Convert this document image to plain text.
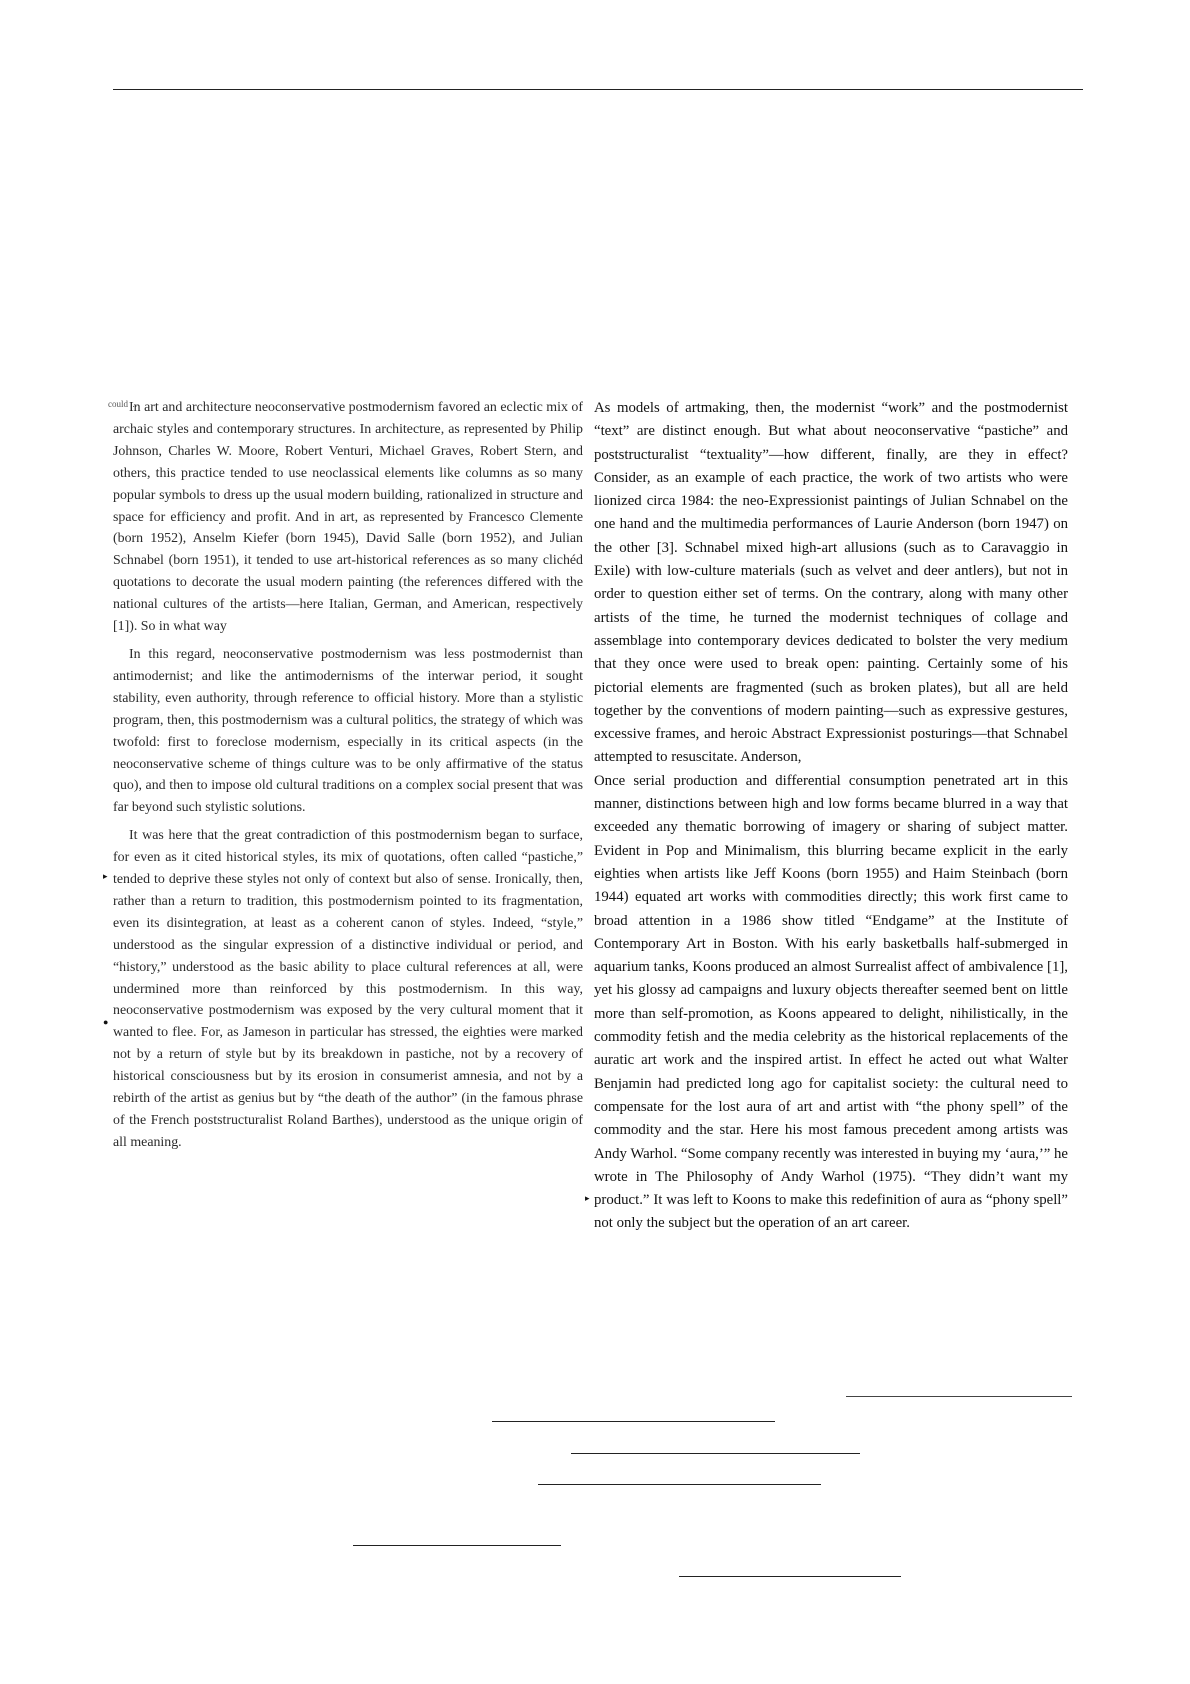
could ...

In art and architecture neoconservative postmodernism favored an eclectic mix of archaic styles and contemporary structures. In architecture, as represented by Philip Johnson, Charles W. Moore, Robert Venturi, Michael Graves, Robert Stern, and others, this practice tended to use neoclassical elements like columns as so many popular symbols to dress up the usual modern building, rationalized in structure and space for efficiency and profit. And in art, as represented by Francesco Clemente (born 1952), Anselm Kiefer (born 1945), David Salle (born 1952), and Julian Schnabel (born 1951), it tended to use art-historical references as so many clichéd quotations to decorate the usual modern painting (the references differed with the national cultures of the artists—here Italian, German, and American, respectively [1]). So in what way

In this regard, neoconservative postmodernism was less postmodernist than antimodernist; and like the antimodernisms of the interwar period, it sought stability, even authority, through reference to official history. More than a stylistic program, then, this postmodernism was a cultural politics, the strategy of which was twofold: first to foreclose modernism, especially in its critical aspects (in the neoconservative scheme of things culture was to be only affirmative of the status quo), and then to impose old cultural traditions on a complex social present that was far beyond such stylistic solutions.

It was here that the great contradiction of this postmodernism began to surface, for even as it cited historical styles, its mix of quotations, often called “pastiche,” tended to deprive these styles not only of context but also of sense. Ironically, then, rather than a return to tradition, this postmodernism pointed to its fragmentation, even its disintegration, at least as a coherent canon of styles. Indeed, “style,” understood as the singular expression of a distinctive individual or period, and “history,” understood as the basic ability to place cultural references at all, were undermined more than reinforced by this postmodernism. In this way, neoconservative postmodernism was exposed by the very cultural moment that it wanted to flee. For, as Jameson in particular has stressed, the eighties were marked not by a return of style but by its breakdown in pastiche, not by a recovery of historical consciousness but by its erosion in consumerist amnesia, and not by a rebirth of the artist as genius but by “the death of the author” (in the famous phrase of the French poststructuralist Roland Barthes), understood as the unique origin of all meaning.

As models of artmaking, then, the modernist “work” and the postmodernist “text” are distinct enough. But what about neoconservative “pastiche” and poststructuralist “textuality”—how different, finally, are they in effect? Consider, as an example of each practice, the work of two artists who were lionized circa 1984: the neo-Expressionist paintings of Julian Schnabel on the one hand and the multimedia performances of Laurie Anderson (born 1947) on the other [3]. Schnabel mixed high-art allusions (such as to Caravaggio in Exile) with low-culture materials (such as velvet and deer antlers), but not in order to question either set of terms. On the contrary, along with many other artists of the time, he turned the modernist techniques of collage and assemblage into contemporary devices dedicated to bolster the very medium that they once were used to break open: painting. Certainly some of his pictorial elements are fragmented (such as broken plates), but all are held together by the conventions of modern painting—such as expressive gestures, excessive frames, and heroic Abstract Expressionist posturings—that Schnabel attempted to resuscitate. Anderson,

Once serial production and differential consumption penetrated art in this manner, distinctions between high and low forms became blurred in a way that exceeded any thematic borrowing of imagery or sharing of subject matter. Evident in Pop and Minimalism, this blurring became explicit in the early eighties when artists like Jeff Koons (born 1955) and Haim Steinbach (born 1944) equated art works with commodities directly; this work first came to broad attention in a 1986 show titled “Endgame” at the Institute of Contemporary Art in Boston. With his early basketballs half-submerged in aquarium tanks, Koons produced an almost Surrealist affect of ambivalence [1], yet his glossy ad campaigns and luxury objects thereafter seemed bent on little more than self-promotion, as Koons appeared to delight, nihilistically, in the commodity fetish and the media celebrity as the historical replacements of the auratic art work and the inspired artist. In effect he acted out what Walter Benjamin had predicted long ago for capitalist society: the cultural need to compensate for the lost aura of art and artist with “the phony spell” of the commodity and the star. Here his most famous precedent among artists was Andy Warhol. “Some company recently was interested in buying my ‘aura,’” he wrote in The Philosophy of Andy Warhol (1975). “They didn’t want my product.” It was left to Koons to make this redefinition of aura as “phony spell” not only the subject but the operation of an art career.

▸
●
▸
